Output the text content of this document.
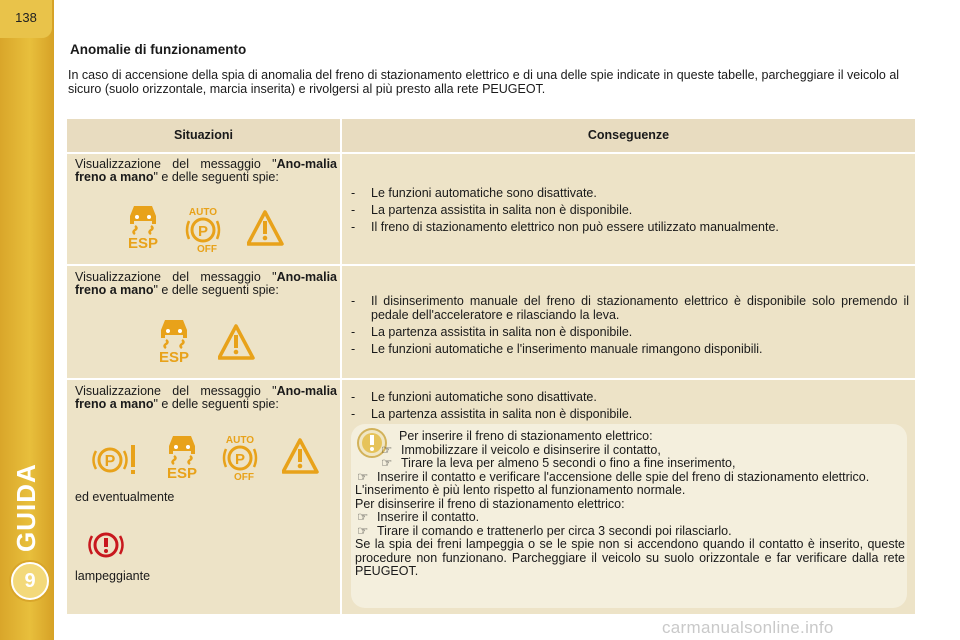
138
GUIDA
9
Anomalie di funzionamento
In caso di accensione della spia di anomalia del freno di stazionamento elettrico e di una delle spie indicate in queste tabelle, parcheggiare il veicolo al sicuro (suolo orizzontale, marcia inserita) e rivolgersi al più presto alla rete PEUGEOT.
Situazioni	Conseguenze
Visualizzazione del messaggio "Ano-malia freno a mano" e delle seguenti spie:
- Le funzioni automatiche sono disattivate.
- La partenza assistita in salita non è disponibile.
- Il freno di stazionamento elettrico non può essere utilizzato manualmente.
Visualizzazione del messaggio "Ano-malia freno a mano" e delle seguenti spie:
- Il disinserimento manuale del freno di stazionamento elettrico è disponibile solo premendo il pedale dell'acceleratore e rilasciando la leva.
- La partenza assistita in salita non è disponibile.
- Le funzioni automatiche e l'inserimento manuale rimangono disponibili.
Visualizzazione del messaggio "Ano-malia freno a mano" e delle seguenti spie:
ed eventualmente
lampeggiante
- Le funzioni automatiche sono disattivate.
- La partenza assistita in salita non è disponibile.

Per inserire il freno di stazionamento elettrico:

☞ Immobilizzare il veicolo e disinserire il contatto,

☞ Tirare la leva per almeno 5 secondi o fino a fine inserimento,

☞ Inserire il contatto e verificare l'accensione delle spie del freno di stazionamento elettrico.

L'inserimento è più lento rispetto al funzionamento normale.

Per disinserire il freno di stazionamento elettrico:

☞ Inserire il contatto.

☞ Tirare il comando e trattenerlo per circa 3 secondi poi rilasciarlo.

Se la spia dei freni lampeggia o se le spie non si accendono quando il contatto è inserito, queste procedure non funzionano. Parcheggiare il veicolo su suolo orizzontale e far verificare dalla rete PEUGEOT.

carmanualsonline.info
